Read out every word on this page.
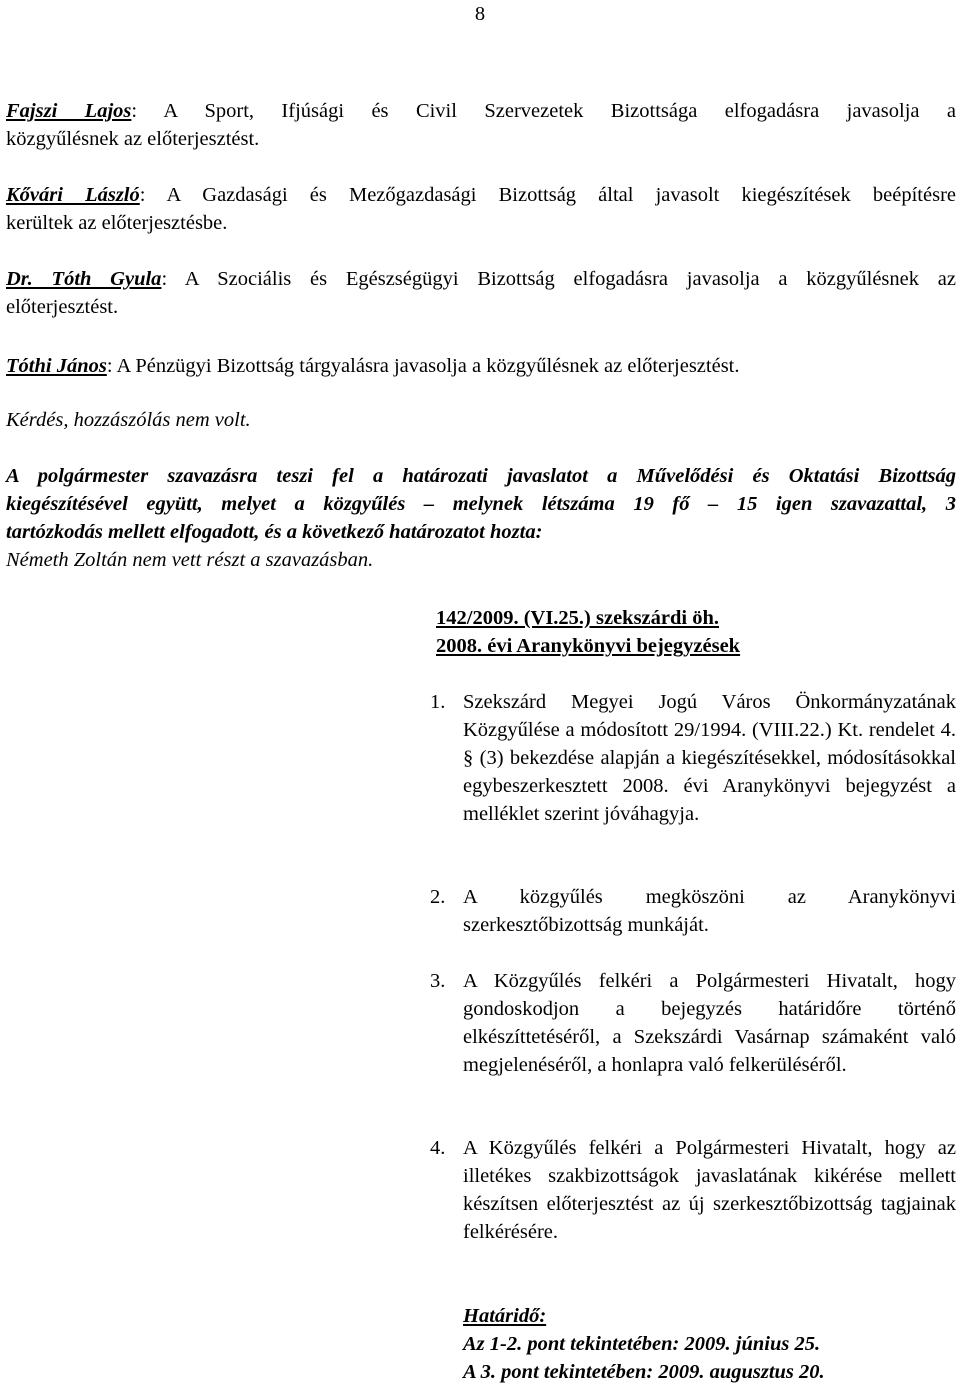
8
Fajszi Lajos: A Sport, Ifjúsági és Civil Szervezetek Bizottsága elfogadásra javasolja a
közgyűlésnek az előterjesztést.
Kővári László: A Gazdasági és Mezőgazdasági Bizottság által javasolt kiegészítések beépítésre
kerültek az előterjesztésbe.
Dr. Tóth Gyula: A Szociális és Egészségügyi Bizottság elfogadásra javasolja a közgyűlésnek az
előterjesztést.
Tóthi János: A Pénzügyi Bizottság tárgyalásra javasolja a közgyűlésnek az előterjesztést.
Kérdés, hozzászólás nem volt.
A polgármester szavazásra teszi fel a határozati javaslatot a Művelődési és Oktatási Bizottság
kiegészítésével együtt, melyet a közgyűlés – melynek létszáma 19 fő – 15 igen szavazattal, 3
tartózkodás mellett elfogadott, és a következő határozatot hozta:
Németh Zoltán nem vett részt a szavazásban.
142/2009. (VI.25.) szekszárdi öh.
2008. évi Aranykönyvi bejegyzések
1. Szekszárd Megyei Jogú Város Önkormányzatának Közgyűlése a módosított 29/1994. (VIII.22.) Kt. rendelet 4. § (3) bekezdése alapján a kiegészítésekkel, módosításokkal egybeszerkesztett 2008. évi Aranykönyvi bejegyzést a melléklet szerint jóváhagyja.
2. A közgyűlés megköszöni az Aranykönyvi szerkesztőbizottság munkáját.
3. A Közgyűlés felkéri a Polgármesteri Hivatalt, hogy gondoskodjon a bejegyzés határidőre történő elkészíttetéséről, a Szekszárdi Vasárnap számaként való megjelenéséről, a honlapra való felkerüléséről.
4. A Közgyűlés felkéri a Polgármesteri Hivatalt, hogy az illetékes szakbizottságok javaslatának kikérése mellett készítsen előterjesztést az új szerkesztőbizottság tagjainak felkérésére.
Határidő:
Az 1-2. pont tekintetében: 2009. június 25.
A 3. pont tekintetében: 2009. augusztus 20.
